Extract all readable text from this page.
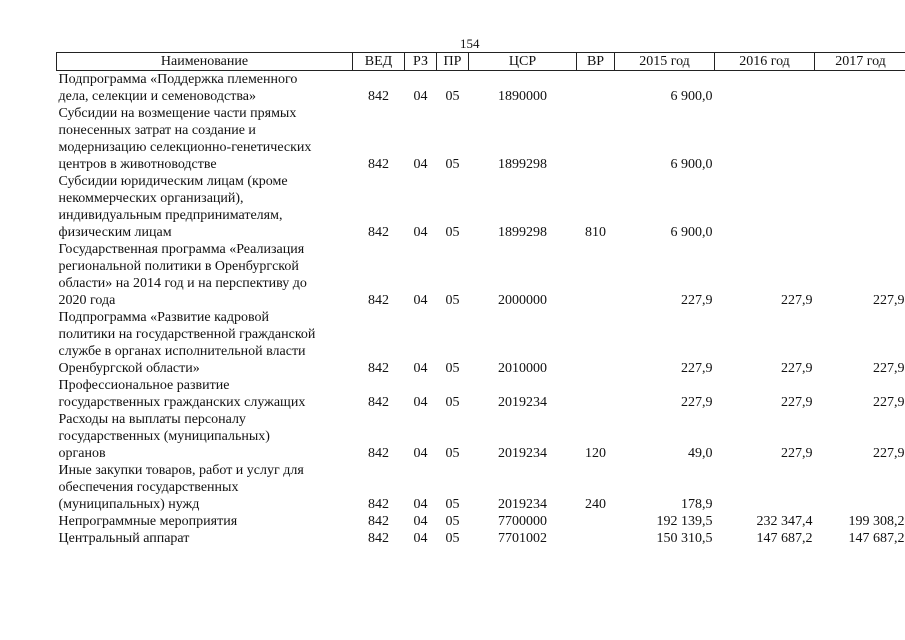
154
Наименование	ВЕД	РЗ	ПР	ЦСР	ВР	2015 год	2016 год	2017 год

Подпрограмма «Поддержка племенного
дела, селекции и семеноводства»	842	04	05	1890000		6 900,0		

Субсидии на возмещение части прямых
понесенных затрат на создание и
модернизацию селекционно-генетических
центров в животноводстве	842	04	05	1899298		6 900,0		

Субсидии юридическим лицам (кроме
некоммерческих организаций),
индивидуальным предпринимателям,
физическим лицам	842	04	05	1899298	810	6 900,0		

Государственная программа «Реализация
региональной политики в Оренбургской
области» на 2014 год и на перспективу до
2020 года	842	04	05	2000000		227,9	227,9	227,9

Подпрограмма «Развитие кадровой
политики на государственной гражданской
службе в органах исполнительной власти
Оренбургской области»	842	04	05	2010000		227,9	227,9	227,9

Профессиональное развитие
государственных гражданских служащих	842	04	05	2019234		227,9	227,9	227,9

Расходы на выплаты персоналу
государственных (муниципальных)
органов	842	04	05	2019234	120	49,0	227,9	227,9

Иные закупки товаров, работ и услуг для
обеспечения государственных
(муниципальных) нужд	842	04	05	2019234	240	178,9		

Непрограммные мероприятия	842	04	05	7700000		192 139,5	232 347,4	199 308,2

Центральный аппарат	842	04	05	7701002		150 310,5	147 687,2	147 687,2
